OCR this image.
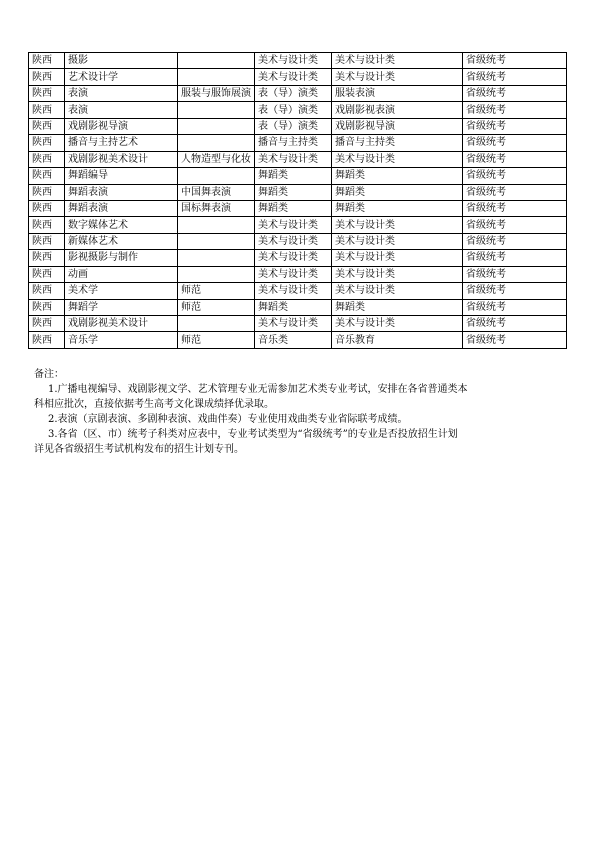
陕西	摄影		美术与设计类	美术与设计类	省级统考
陕西	艺术设计学		美术与设计类	美术与设计类	省级统考
陕西	表演	服装与服饰展演	表（导）演类	服装表演	省级统考
陕西	表演		表（导）演类	戏剧影视表演	省级统考
陕西	戏剧影视导演		表（导）演类	戏剧影视导演	省级统考
陕西	播音与主持艺术		播音与主持类	播音与主持类	省级统考
陕西	戏剧影视美术设计	人物造型与化妆	美术与设计类	美术与设计类	省级统考
陕西	舞蹈编导		舞蹈类	舞蹈类	省级统考
陕西	舞蹈表演	中国舞表演	舞蹈类	舞蹈类	省级统考
陕西	舞蹈表演	国标舞表演	舞蹈类	舞蹈类	省级统考
陕西	数字媒体艺术		美术与设计类	美术与设计类	省级统考
陕西	新媒体艺术		美术与设计类	美术与设计类	省级统考
陕西	影视摄影与制作		美术与设计类	美术与设计类	省级统考
陕西	动画		美术与设计类	美术与设计类	省级统考
陕西	美术学	师范	美术与设计类	美术与设计类	省级统考
陕西	舞蹈学	师范	舞蹈类	舞蹈类	省级统考
陕西	戏剧影视美术设计		美术与设计类	美术与设计类	省级统考
陕西	音乐学	师范	音乐类	音乐教育	省级统考

备注：

1.广播电视编导、戏剧影视文学、艺术管理专业无需参加艺术类专业考试，安排在各省普通类本

科相应批次，直接依据考生高考文化课成绩择优录取。

2.表演（京剧表演、多剧种表演、戏曲伴奏）专业使用戏曲类专业省际联考成绩。

3.各省（区、市）统考子科类对应表中，专业考试类型为“省级统考”的专业是否投放招生计划

详见各省级招生考试机构发布的招生计划专刊。
